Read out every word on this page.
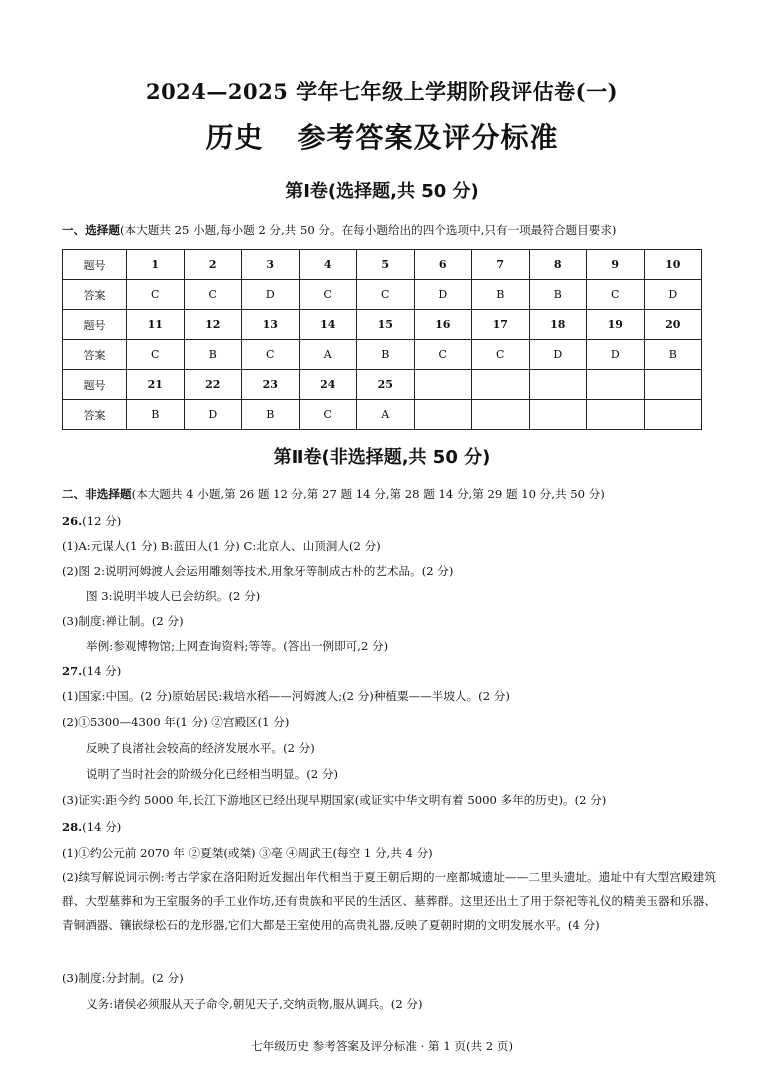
2024—2025 学年七年级上学期阶段评估卷(一)
历史 参考答案及评分标准
第Ⅰ卷(选择题,共 50 分)
一、选择题(本大题共 25 小题,每小题 2 分,共 50 分。在每小题给出的四个选项中,只有一项最符合题目要求)
题号	1	2	3	4	5	6	7	8	9	10
答案	C	C	D	C	C	D	B	B	C	D
题号	11	12	13	14	15	16	17	18	19	20
答案	C	B	C	A	B	C	C	D	D	B
题号	21	22	23	24	25					
答案	B	D	B	C	A					
第Ⅱ卷(非选择题,共 50 分)
二、非选择题(本大题共 4 小题,第 26 题 12 分,第 27 题 14 分,第 28 题 14 分,第 29 题 10 分,共 50 分)
26.(12 分)
(1)A:元谋人(1 分) B:蓝田人(1 分) C:北京人、山顶洞人(2 分)
(2)图 2:说明河姆渡人会运用雕刻等技术,用象牙等制成古朴的艺术品。(2 分)
图 3:说明半坡人已会纺织。(2 分)
(3)制度:禅让制。(2 分)
举例:参观博物馆;上网查询资料;等等。(答出一例即可,2 分)
27.(14 分)
(1)国家:中国。(2 分)原始居民:栽培水稻——河姆渡人;(2 分)种植粟——半坡人。(2 分)
(2)①5300—4300 年(1 分) ②宫殿区(1 分)
反映了良渚社会较高的经济发展水平。(2 分)
说明了当时社会的阶级分化已经相当明显。(2 分)
(3)证实:距今约 5000 年,长江下游地区已经出现早期国家(或证实中华文明有着 5000 多年的历史)。(2 分)
28.(14 分)
(1)①约公元前 2070 年 ②夏桀(或桀) ③亳 ④周武王(每空 1 分,共 4 分)
(2)续写解说词示例:考古学家在洛阳附近发掘出年代相当于夏王朝后期的一座都城遗址——二里头遗址。遗址中有大型宫殿建筑群、大型墓葬和为王室服务的手工业作坊,还有贵族和平民的生活区、墓葬群。这里还出土了用于祭祀等礼仪的精美玉器和乐器、青铜酒器、镶嵌绿松石的龙形器,它们大都是王室使用的高贵礼器,反映了夏朝时期的文明发展水平。(4 分)
(3)制度:分封制。(2 分)
义务:诸侯必须服从天子命令,朝见天子,交纳贡物,服从调兵。(2 分)
七年级历史 参考答案及评分标准 · 第 1 页(共 2 页)
